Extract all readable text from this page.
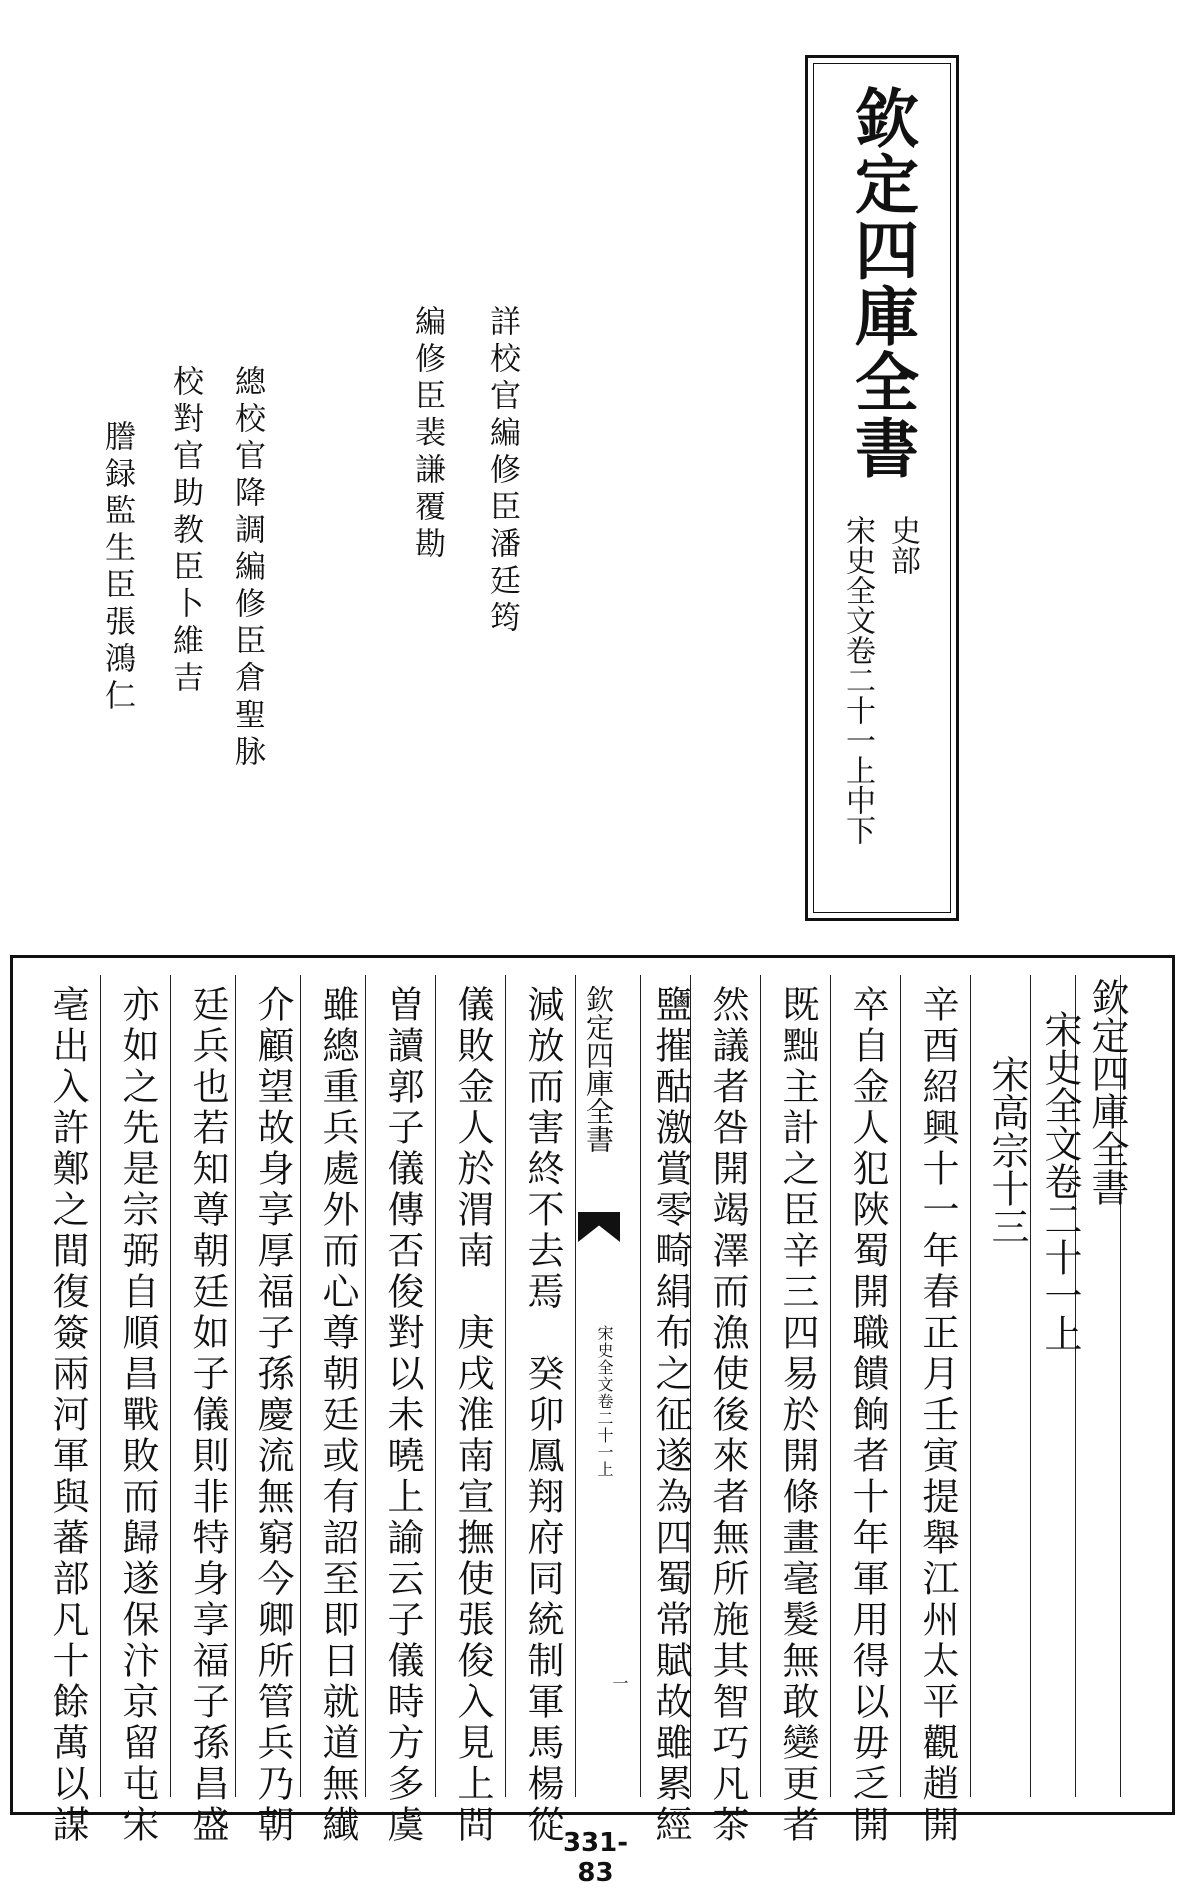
欽定四庫全書
史部
宋史全文卷二十一上中下
詳校官編修臣潘廷筠
編修臣裴謙覆勘
總校官降調編修臣倉聖脉
校對官助教臣卜維吉
謄録監生臣張鴻仁
欽定四庫全書
宋史全文卷二十一上
宋高宗十三
辛酉紹興十一年春正月壬寅提舉江州太平觀趙開
卒自金人犯陜蜀開職饋餉者十年軍用得以毋乏開
既黜主計之臣辛三四易於開條畫毫髮無敢變更者
然議者咎開竭澤而漁使後來者無所施其智巧凡茶
鹽摧酤激賞零畸絹布之征遂為四蜀常賦故雖累經
欽定四庫全書
宋史全文卷二十一上
一
減放而害終不去焉　癸卯鳳翔府同統制軍馬楊從
儀敗金人於渭南　庚戌淮南宣撫使張俊入見上問
曽讀郭子儀傳否俊對以未曉上諭云子儀時方多虞
雖總重兵處外而心尊朝廷或有詔至即日就道無纎
介顧望故身享厚福子孫慶流無窮今卿所管兵乃朝
廷兵也若知尊朝廷如子儀則非特身享福子孫昌盛
亦如之先是宗弼自順昌戰敗而歸遂保汴京留屯宋
亳出入許鄭之間復簽兩河軍與蕃部凡十餘萬以謀	331-83
